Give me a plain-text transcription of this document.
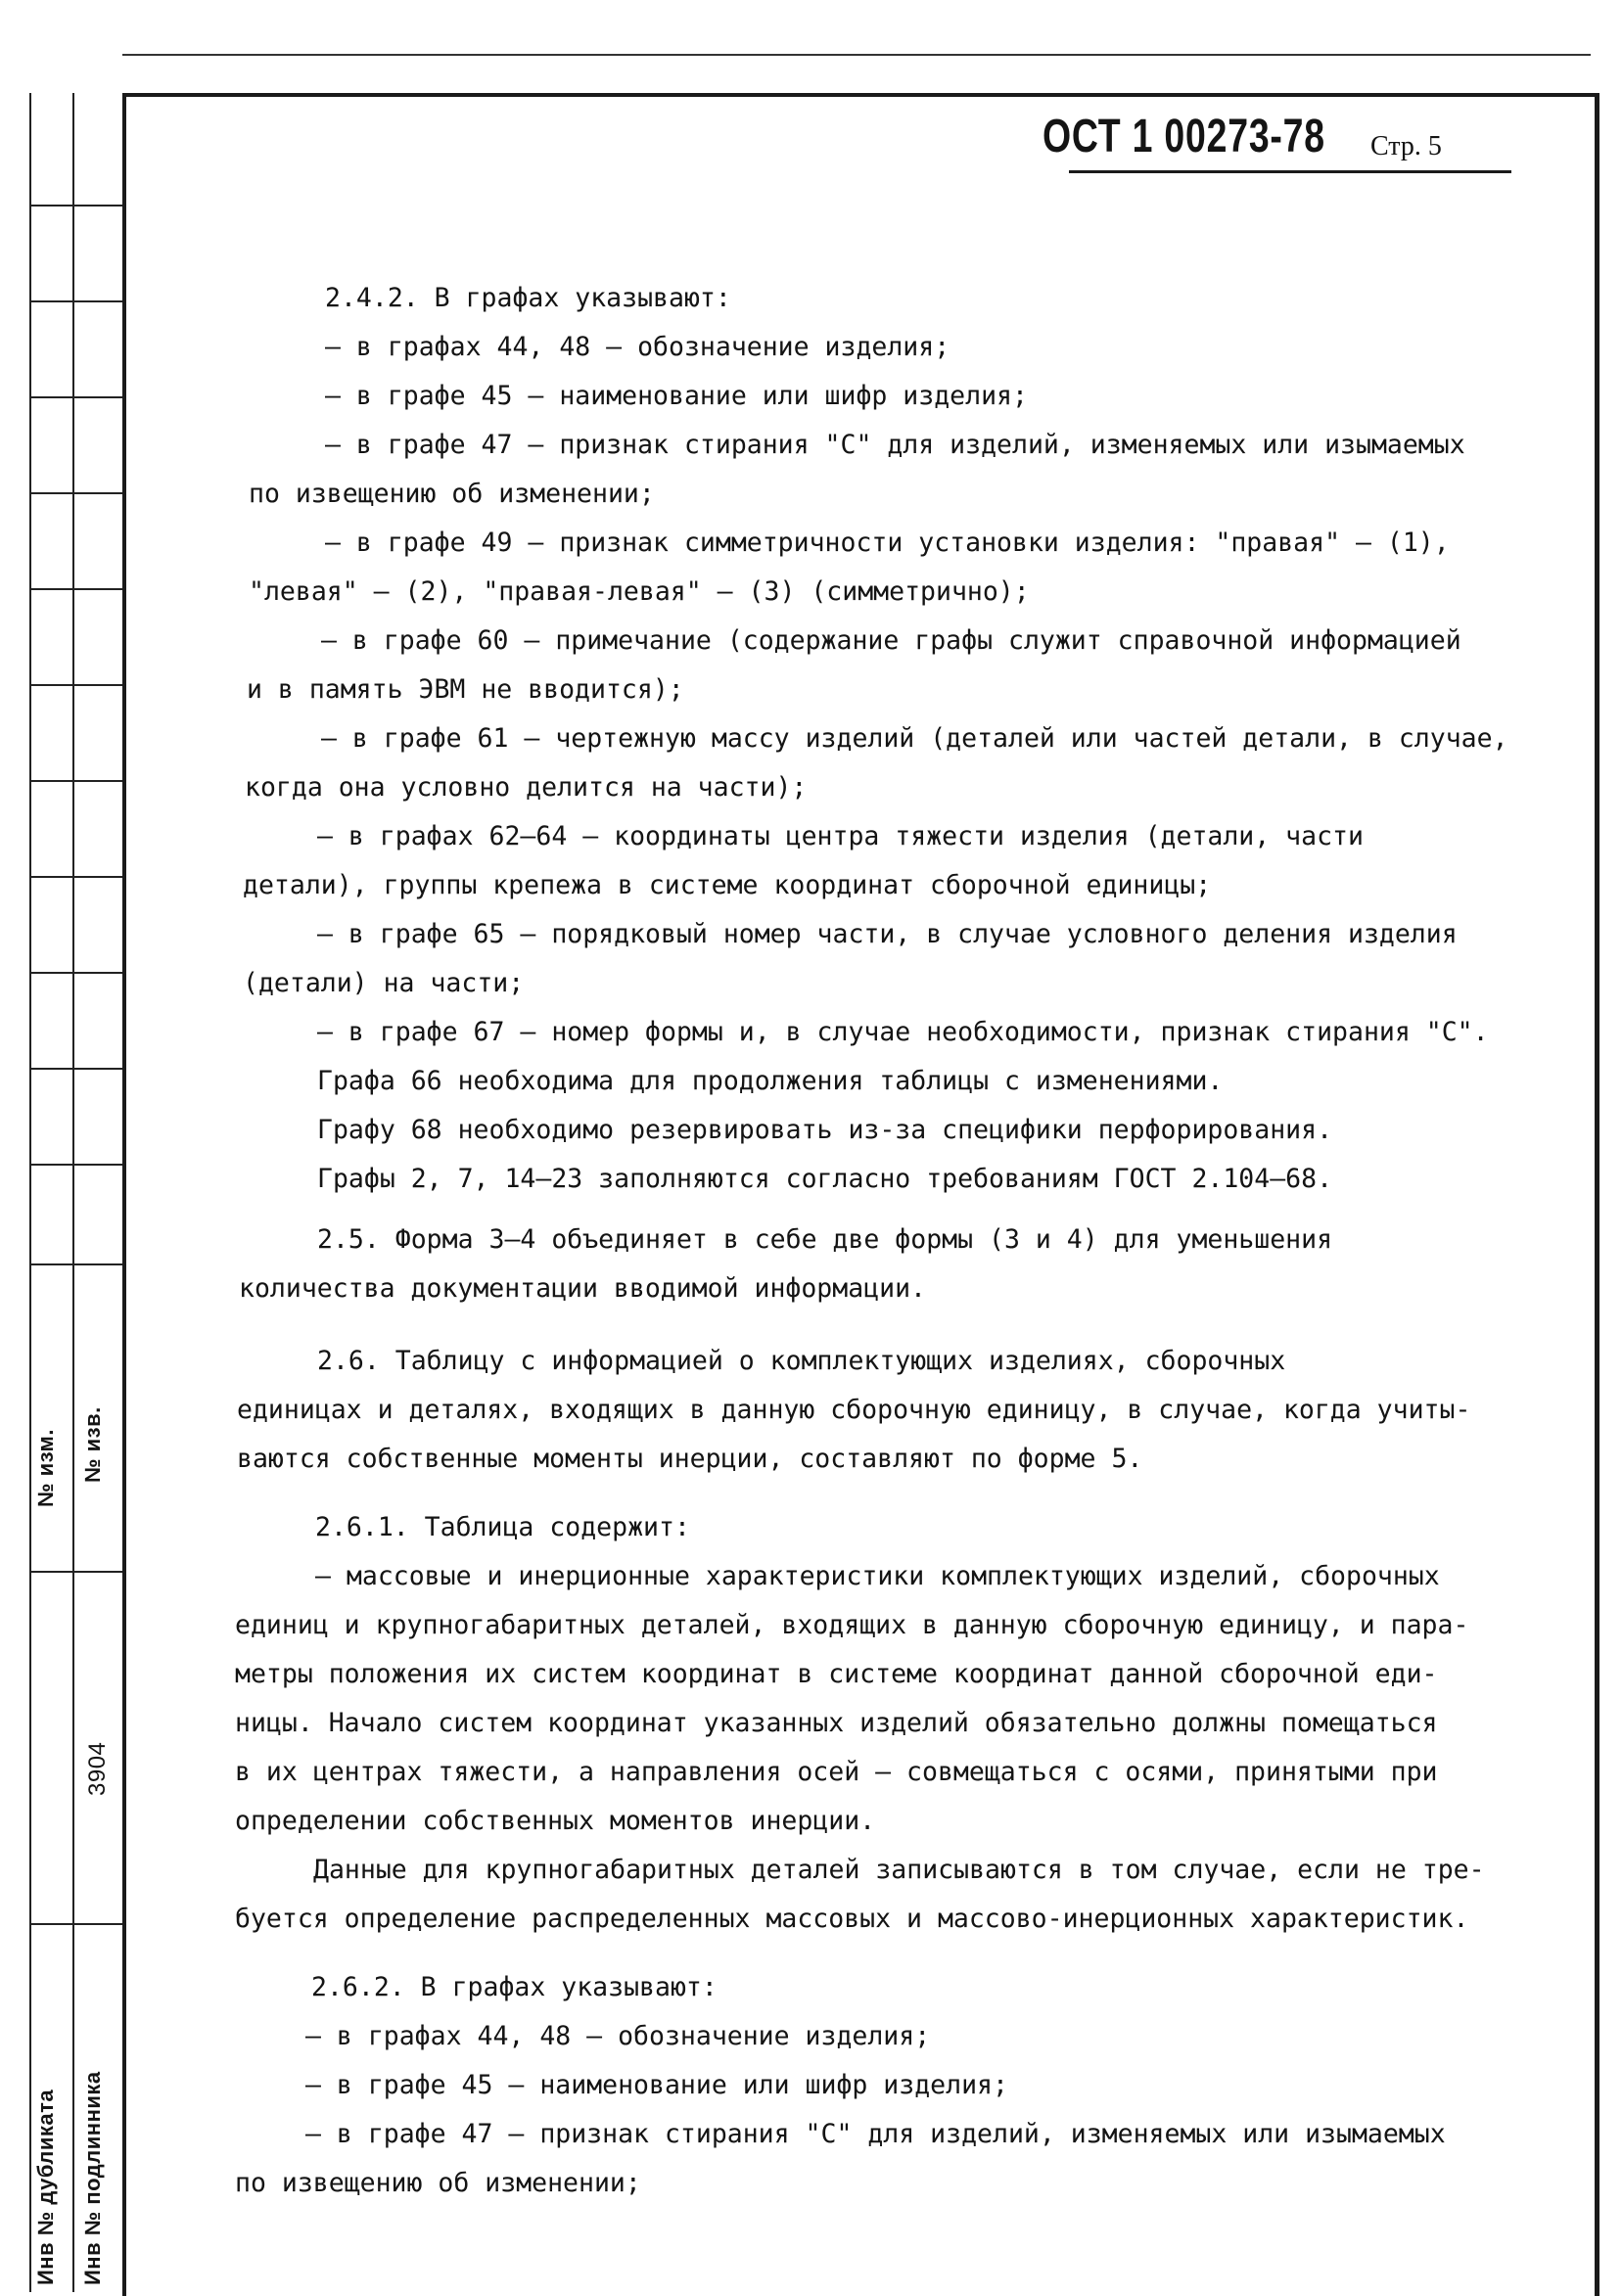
№ изм. № изв.
3904
Инв № дубликата Инв № подлинника
ОСТ 1 00273-78 Стр. 5
2.4.2. В графах указывают:
– в графах 44, 48 – обозначение изделия;
– в графе 45 – наименование или шифр изделия;
– в графе 47 – признак стирания "С" для изделий, изменяемых или изымаемых
по извещению об изменении;
– в графе 49 – признак симметричности установки изделия: "правая" – (1),
"левая" – (2), "правая-левая" – (3) (симметрично);
– в графе 60 – примечание (содержание графы служит справочной информацией
и в память ЭВМ не вводится);
– в графе 61 – чертежную массу изделий (деталей или частей детали, в случае,
когда она условно делится на части);
– в графах 62–64 – координаты центра тяжести изделия (детали, части
детали), группы крепежа в системе координат сборочной единицы;
– в графе 65 – порядковый номер части, в случае условного деления изделия
(детали) на части;
– в графе 67 – номер формы и, в случае необходимости, признак стирания "С".
Графа 66 необходима для продолжения таблицы с изменениями.
Графу 68 необходимо резервировать из-за специфики перфорирования.
Графы 2, 7, 14–23 заполняются согласно требованиям ГОСТ 2.104–68.
2.5. Форма 3–4 объединяет в себе две формы (3 и 4) для уменьшения
количества документации вводимой информации.
2.6. Таблицу с информацией о комплектующих изделиях, сборочных
единицах и деталях, входящих в данную сборочную единицу, в случае, когда учиты-
ваются собственные моменты инерции, составляют по форме 5.
2.6.1. Таблица содержит:
– массовые и инерционные характеристики комплектующих изделий, сборочных
единиц и крупногабаритных деталей, входящих в данную сборочную единицу, и пара-
метры положения их систем координат в системе координат данной сборочной еди-
ницы. Начало систем координат указанных изделий обязательно должны помещаться
в их центрах тяжести, а направления осей – совмещаться с осями, принятыми при
определении собственных моментов инерции.
Данные для крупногабаритных деталей записываются в том случае, если не тре-
буется определение распределенных массовых и массово-инерционных характеристик.
2.6.2. В графах указывают:
– в графах 44, 48 – обозначение изделия;
– в графе 45 – наименование или шифр изделия;
– в графе 47 – признак стирания "С" для изделий, изменяемых или изымаемых
по извещению об изменении;
